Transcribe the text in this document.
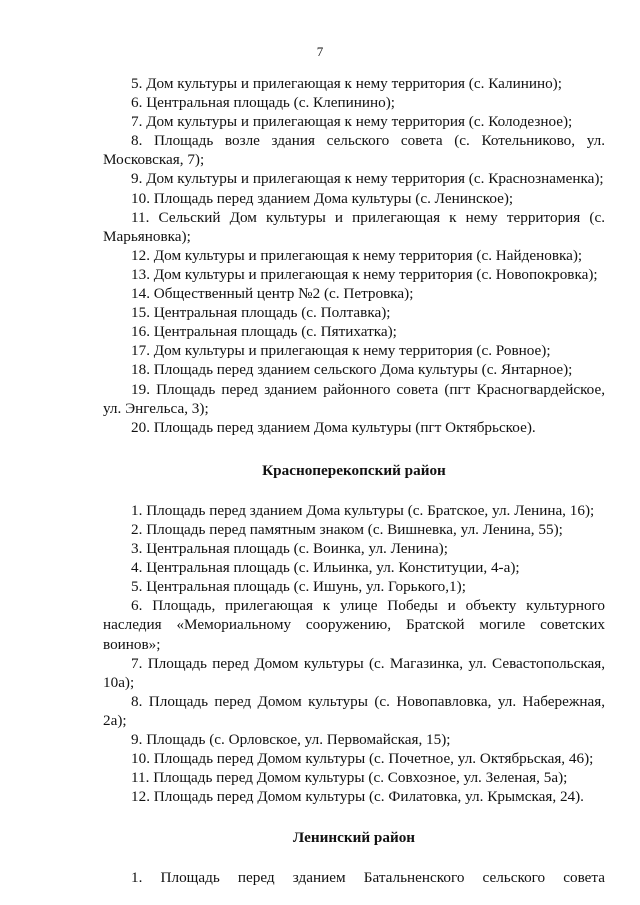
7
5. Дом культуры и прилегающая к нему территория (с. Калинино);
6. Центральная площадь (с. Клепинино);
7. Дом культуры и прилегающая к нему территория (с. Колодезное);
8. Площадь возле здания сельского совета (с. Котельниково, ул. Московская, 7);
9. Дом культуры и прилегающая к нему территория (с. Краснознаменка);
10. Площадь перед зданием Дома культуры (с. Ленинское);
11. Сельский Дом культуры и прилегающая к нему территория (с. Марьяновка);
12. Дом культуры и прилегающая к нему территория (с. Найденовка);
13. Дом культуры и прилегающая к нему территория (с. Новопокровка);
14. Общественный центр №2 (с. Петровка);
15. Центральная площадь (с. Полтавка);
16. Центральная площадь (с. Пятихатка);
17. Дом культуры и прилегающая к нему территория (с. Ровное);
18. Площадь перед зданием сельского Дома культуры (с. Янтарное);
19. Площадь перед зданием районного совета (пгт Красногвардейское, ул. Энгельса, 3);
20. Площадь перед зданием Дома культуры (пгт Октябрьское).
Красноперекопский район
1. Площадь перед зданием Дома культуры (с. Братское, ул. Ленина, 16);
2. Площадь перед памятным знаком (с. Вишневка, ул. Ленина, 55);
3. Центральная площадь (с. Воинка, ул. Ленина);
4. Центральная площадь (с. Ильинка, ул. Конституции, 4-а);
5. Центральная площадь (с. Ишунь, ул. Горького,1);
6. Площадь, прилегающая к улице Победы и объекту культурного наследия «Мемориальному сооружению, Братской могиле советских воинов»;
7. Площадь перед Домом культуры (с. Магазинка, ул. Севастопольская, 10а);
8. Площадь перед Домом культуры (с. Новопавловка, ул. Набережная, 2а);
9. Площадь (с. Орловское, ул. Первомайская, 15);
10. Площадь перед Домом культуры (с. Почетное, ул. Октябрьская, 46);
11. Площадь перед Домом культуры (с. Совхозное, ул. Зеленая, 5а);
12. Площадь перед Домом культуры (с. Филатовка, ул. Крымская, 24).
Ленинский район
1. Площадь перед зданием Батальненского сельского совета
